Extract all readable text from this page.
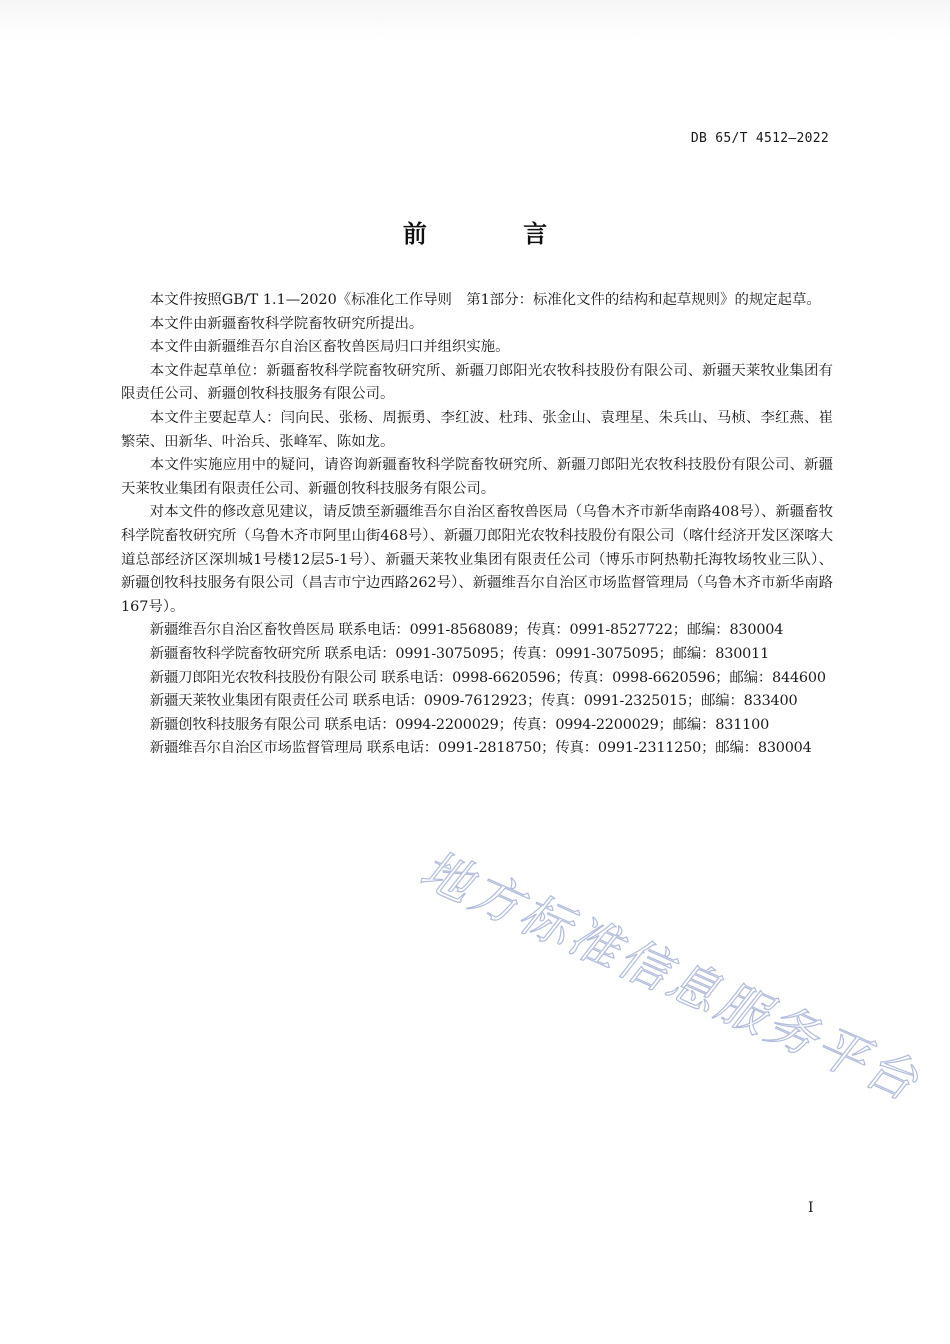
DB 65/T 4512—2022
前 言

本文件按照GB/T 1.1—2020《标准化工作导则　第1部分：标准化文件的结构和起草规则》的规定起草。

本文件由新疆畜牧科学院畜牧研究所提出。

本文件由新疆维吾尔自治区畜牧兽医局归口并组织实施。

本文件起草单位：新疆畜牧科学院畜牧研究所、新疆刀郎阳光农牧科技股份有限公司、新疆天莱牧业集团有限责任公司、新疆创牧科技服务有限公司。

本文件主要起草人：闫向民、张杨、周振勇、李红波、杜玮、张金山、袁理星、朱兵山、马桢、李红燕、崔繁荣、田新华、叶治兵、张峰军、陈如龙。

本文件实施应用中的疑问，请咨询新疆畜牧科学院畜牧研究所、新疆刀郎阳光农牧科技股份有限公司、新疆天莱牧业集团有限责任公司、新疆创牧科技服务有限公司。

对本文件的修改意见建议，请反馈至新疆维吾尔自治区畜牧兽医局（乌鲁木齐市新华南路408号）、新疆畜牧科学院畜牧研究所（乌鲁木齐市阿里山街468号）、新疆刀郎阳光农牧科技股份有限公司（喀什经济开发区深喀大道总部经济区深圳城1号楼12层5-1号）、新疆天莱牧业集团有限责任公司（博乐市阿热勒托海牧场牧业三队）、新疆创牧科技服务有限公司（昌吉市宁边西路262号）、新疆维吾尔自治区市场监督管理局（乌鲁木齐市新华南路167号）。

新疆维吾尔自治区畜牧兽医局 联系电话：0991-8568089；传真：0991-8527722；邮编：830004

新疆畜牧科学院畜牧研究所 联系电话：0991-3075095；传真：0991-3075095；邮编：830011

新疆刀郎阳光农牧科技股份有限公司 联系电话：0998-6620596；传真：0998-6620596；邮编：844600

新疆天莱牧业集团有限责任公司 联系电话：0909-7612923；传真：0991-2325015；邮编：833400

新疆创牧科技服务有限公司 联系电话：0994-2200029；传真：0994-2200029；邮编：831100

新疆维吾尔自治区市场监督管理局 联系电话：0991-2818750；传真：0991-2311250；邮编：830004

地方标准信息服务平台
I
